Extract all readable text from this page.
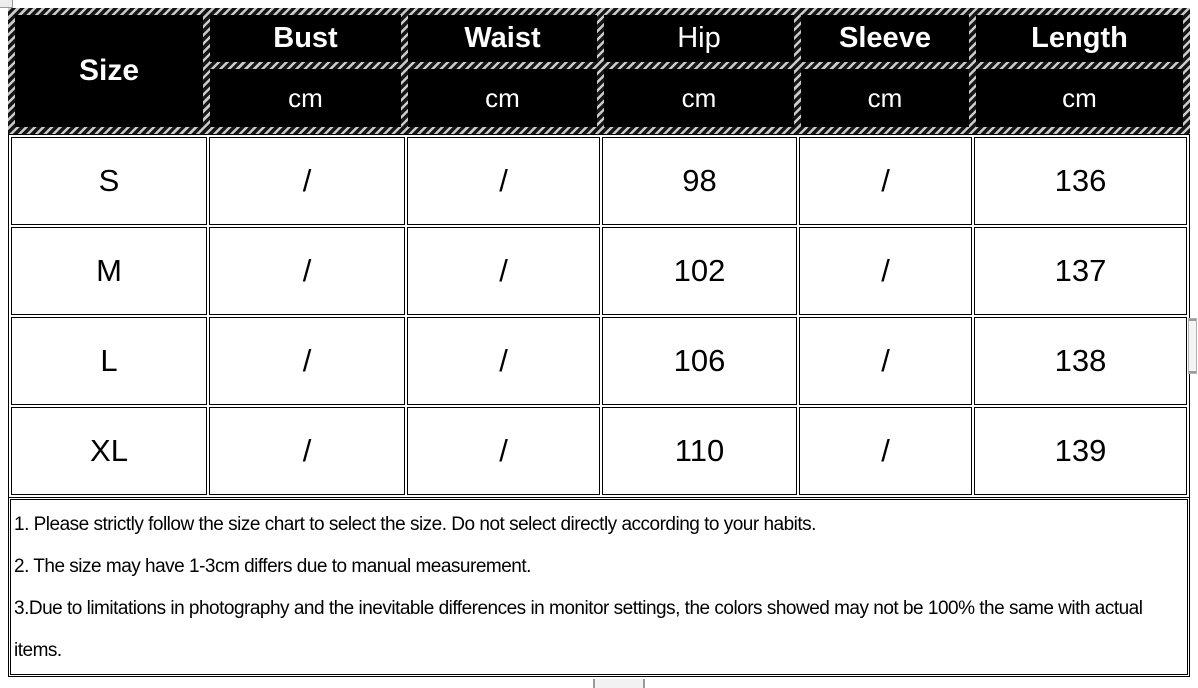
Size
Bust	Waist	Hip	Sleeve	Length
cm	cm	cm	cm	cm
S	/	/	98	/	136
M	/	/	102	/	137
L	/	/	106	/	138
XL	/	/	110	/	139

1. Please strictly follow the size chart to select the size. Do not select directly according to your habits.

2. The size may have 1-3cm differs due to manual measurement.

3.Due to limitations in photography and the inevitable differences in monitor settings, the colors showed may not be 100% the same with actual items.
